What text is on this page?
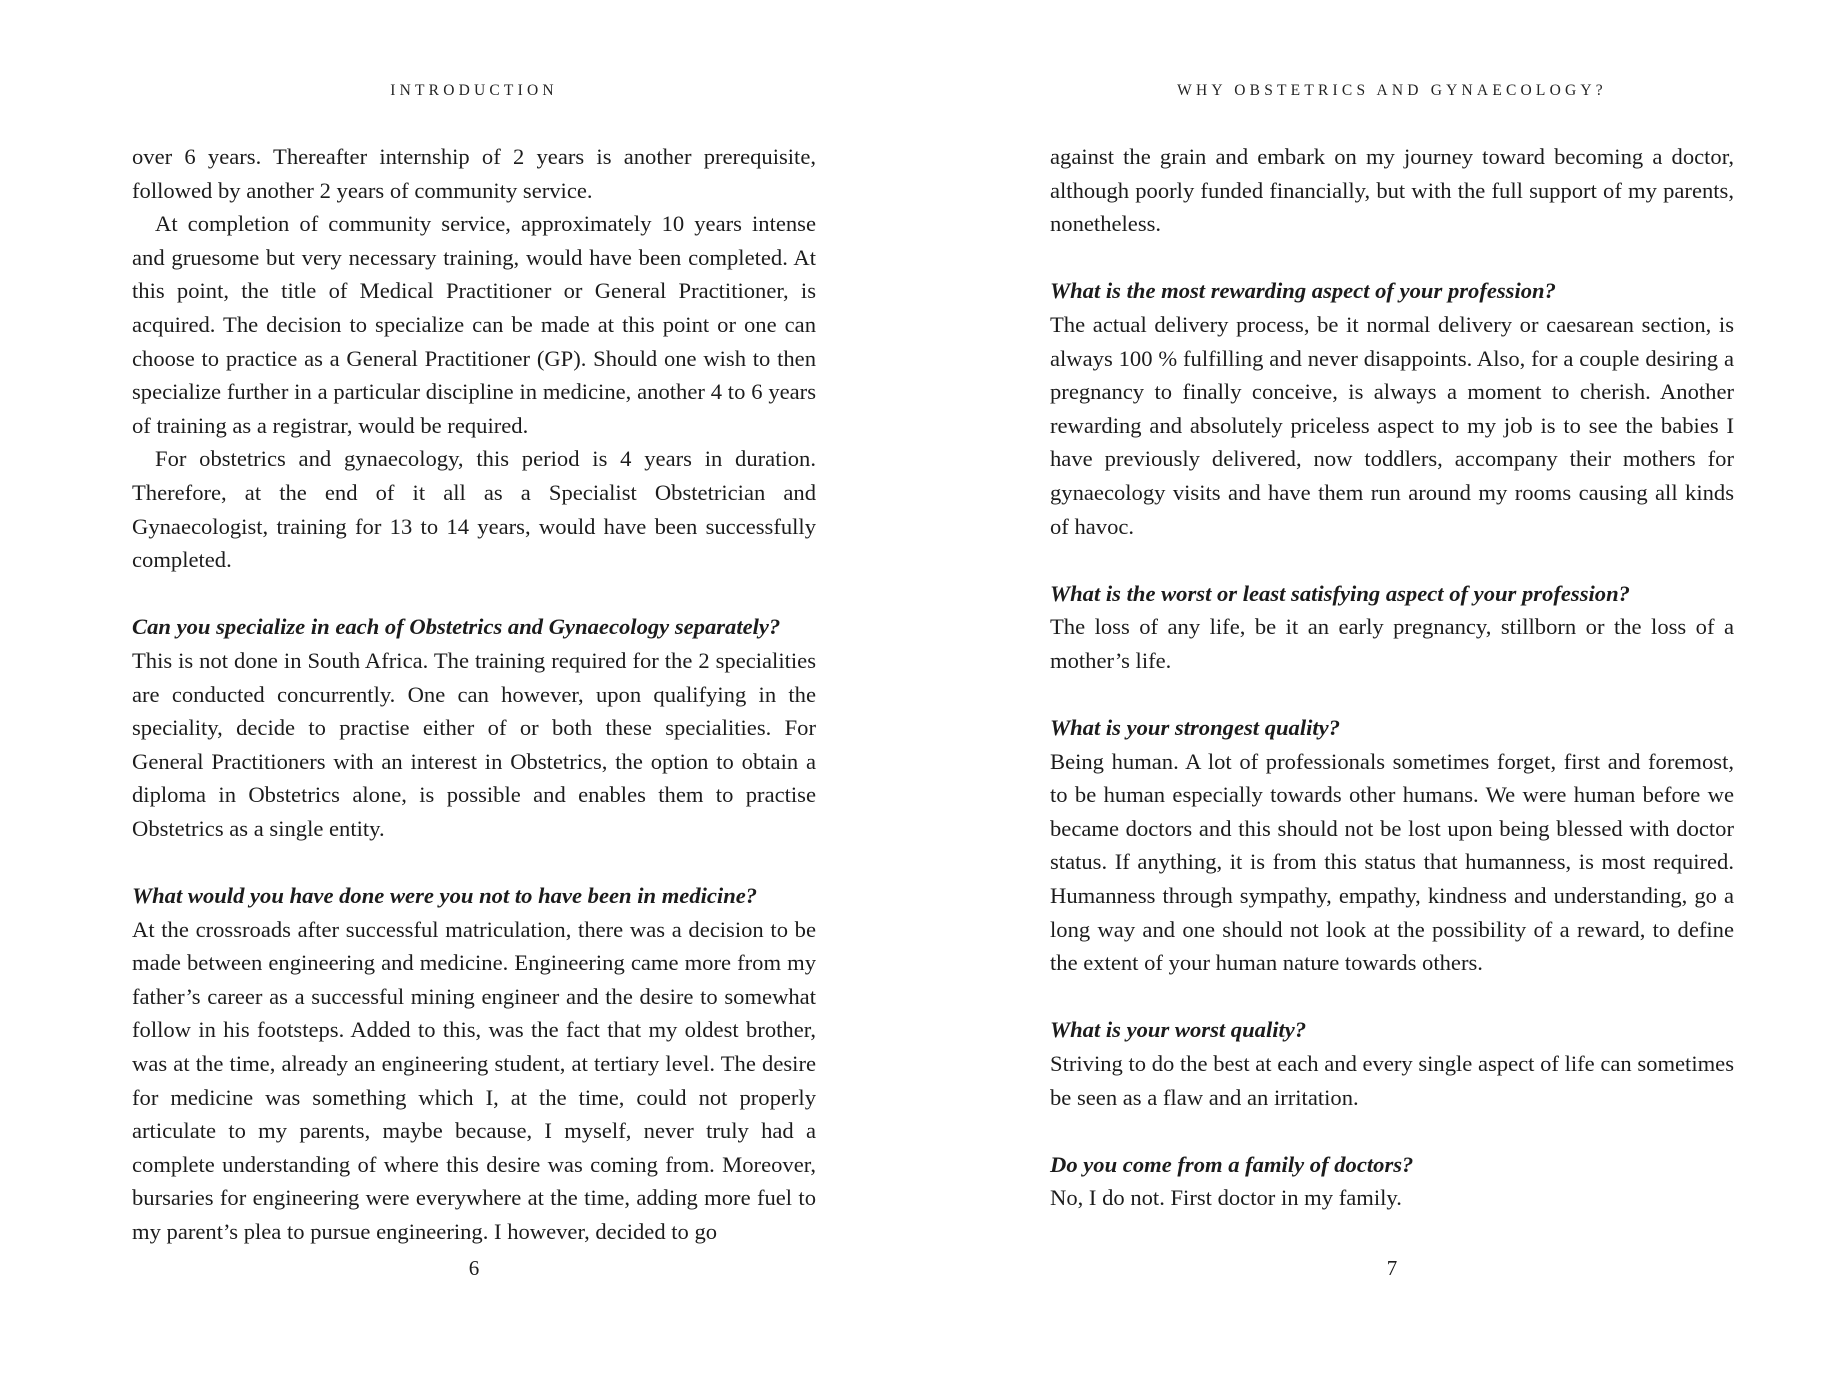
INTRODUCTION

over 6 years. Thereafter internship of 2 years is another prerequisite, followed by another 2 years of community service.

At completion of community service, approximately 10 years intense and gruesome but very necessary training, would have been completed. At this point, the title of Medical Practitioner or General Practitioner, is acquired. The decision to specialize can be made at this point or one can choose to practice as a General Practitioner (GP). Should one wish to then specialize further in a particular discipline in medicine, another 4 to 6 years of training as a registrar, would be required.

For obstetrics and gynaecology, this period is 4 years in duration. Therefore, at the end of it all as a Specialist Obstetrician and Gynaecologist, training for 13 to 14 years, would have been successfully completed.

Can you specialize in each of Obstetrics and Gynaecology separately?

This is not done in South Africa. The training required for the 2 specialities are conducted concurrently. One can however, upon qualifying in the speciality, decide to practise either of or both these specialities. For General Practitioners with an interest in Obstetrics, the option to obtain a diploma in Obstetrics alone, is possible and enables them to practise Obstetrics as a single entity.

What would you have done were you not to have been in medicine?

At the crossroads after successful matriculation, there was a decision to be made between engineering and medicine. Engineering came more from my father’s career as a successful mining engineer and the desire to somewhat follow in his footsteps. Added to this, was the fact that my oldest brother, was at the time, already an engineering student, at tertiary level. The desire for medicine was something which I, at the time, could not properly articulate to my parents, maybe because, I myself, never truly had a complete understanding of where this desire was coming from. Moreover, bursaries for engineering were everywhere at the time, adding more fuel to my parent’s plea to pursue engineering. I however, decided to go

6
WHY OBSTETRICS AND GYNAECOLOGY?

against the grain and embark on my journey toward becoming a doctor, although poorly funded financially, but with the full support of my parents, nonetheless.

What is the most rewarding aspect of your profession?

The actual delivery process, be it normal delivery or caesarean section, is always 100 % fulfilling and never disappoints. Also, for a couple desiring a pregnancy to finally conceive, is always a moment to cherish. Another rewarding and absolutely priceless aspect to my job is to see the babies I have previously delivered, now toddlers, accompany their mothers for gynaecology visits and have them run around my rooms causing all kinds of havoc.

What is the worst or least satisfying aspect of your profession?

The loss of any life, be it an early pregnancy, stillborn or the loss of a mother’s life.

What is your strongest quality?

Being human. A lot of professionals sometimes forget, first and foremost, to be human especially towards other humans. We were human before we became doctors and this should not be lost upon being blessed with doctor status. If anything, it is from this status that humanness, is most required. Humanness through sympathy, empathy, kindness and understanding, go a long way and one should not look at the possibility of a reward, to define the extent of your human nature towards others.

What is your worst quality?

Striving to do the best at each and every single aspect of life can sometimes be seen as a flaw and an irritation.

Do you come from a family of doctors?

No, I do not. First doctor in my family.

7
